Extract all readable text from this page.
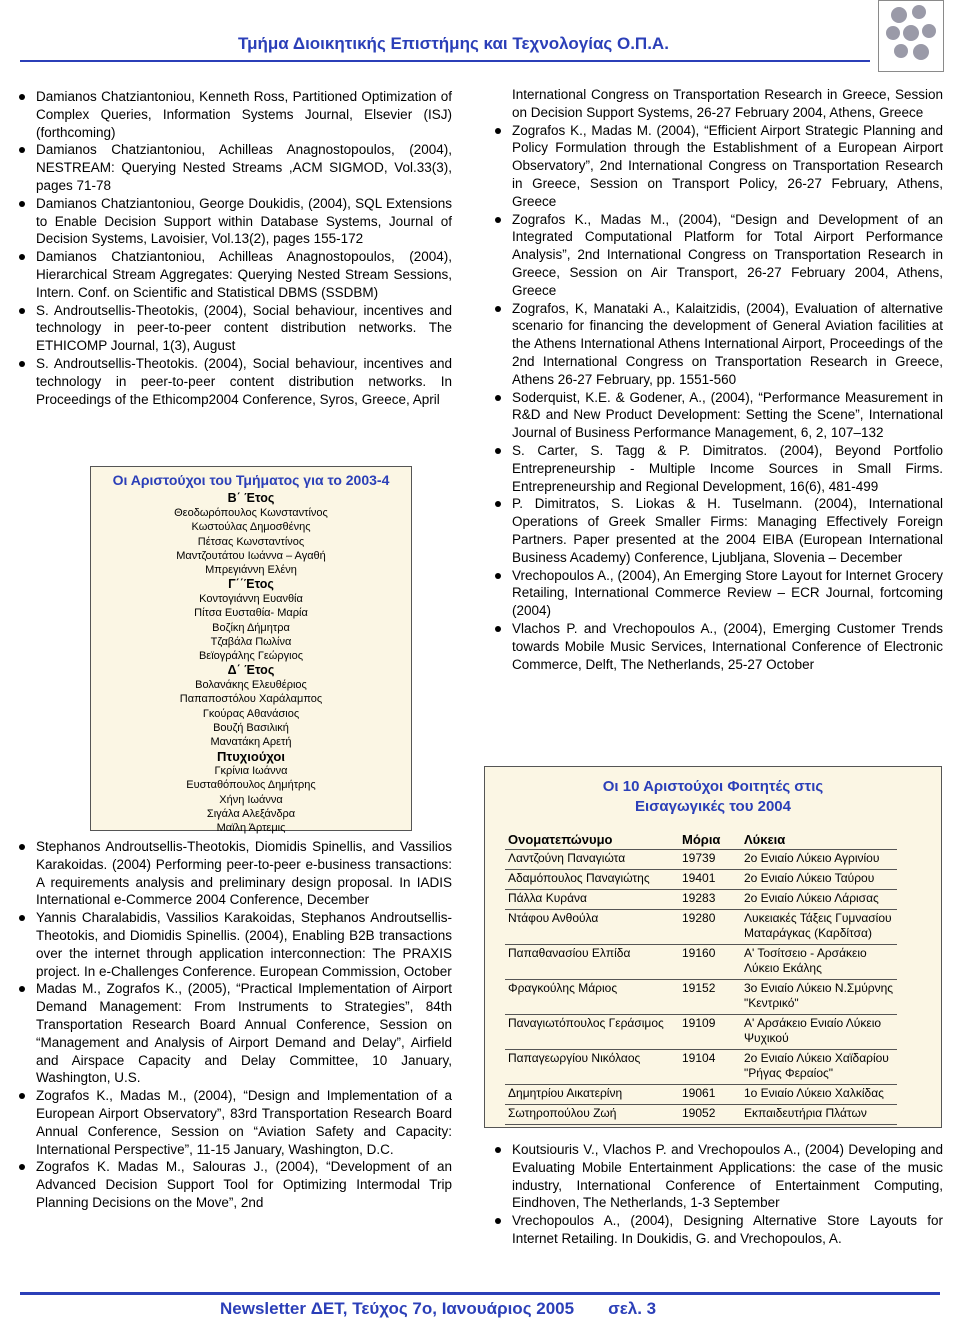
Τμήμα Διοικητικής Επιστήμης και Τεχνολογίας Ο.Π.Α.
Damianos Chatziantoniou, Kenneth Ross, Partitioned Optimization of Complex Queries, Information Systems Journal, Elsevier (ISJ) (forthcoming)
Damianos Chatziantoniou, Achilleas Anagnostopoulos, (2004), NESTREAM: Querying Nested Streams ,ACM SIGMOD, Vol.33(3), pages 71-78
Damianos Chatziantoniou, George Doukidis, (2004), SQL Extensions to Enable Decision Support within Database Systems, Journal of Decision Systems, Lavoisier, Vol.13(2), pages 155-172
Damianos Chatziantoniou, Achilleas Anagnostopoulos, (2004), Hierarchical Stream Aggregates: Querying Nested Stream Sessions, Intern. Conf. on Scientific and Statistical DBMS (SSDBM)
S. Androutsellis-Theotokis, (2004), Social behaviour, incentives and technology in peer-to-peer content distribution networks. The ETHICOMP Journal, 1(3), August
S. Androutsellis-Theotokis. (2004), Social behaviour, incentives and technology in peer-to-peer content distribution networks. In Proceedings of the Ethicomp2004 Conference, Syros, Greece, April
Οι Αριστούχοι του Τμήματος για το 2003-4
Β΄ Έτος
Θεοδωρόπουλος Κωνσταντίνος
Κωστούλας Δημοσθένης
Πέτσας Κωνσταντίνος
Μαντζουτάτου Ιωάννα – Αγαθή
Μπρεγιάννη Ελένη
Γ΄΄Έτος
Κοντογιάννη Ευανθία
Πίτσα Ευσταθία- Μαρία
Βοζίκη Δήμητρα
Τζαβάλα Πωλίνα
Βεϊογράλης Γεώργιος
Δ΄ Έτος
Βολανάκης Ελευθέριος
Παπαποστόλου Χαράλαμπος
Γκούρας Αθανάσιος
Βουζή Βασιλική
Μανατάκη Αρετή
Πτυχιούχοι
Γκρίνια Ιωάννα
Ευσταθόπουλος Δημήτρης
Χήνη Ιωάννα
Σιγάλα Αλεξάνδρα
Μαϊλη Άρτεμις
Stephanos Androutsellis-Theotokis, Diomidis Spinellis, and Vassilios Karakoidas. (2004) Performing peer-to-peer e-business transactions: A requirements analysis and preliminary design proposal. In IADIS International e-Commerce 2004 Conference, December
Yannis Charalabidis, Vassilios Karakoidas, Stephanos Androutsellis-Theotokis, and Diomidis Spinellis. (2004), Enabling B2B transactions over the internet through application interconnection: The PRAXIS project. In e-Challenges Conference. European Commission, October
Madas M., Zografos K., (2005), “Practical Implementation of Airport Demand Management: From Instruments to Strategies”, 84th Transportation Research Board Annual Conference, Session on “Management and Analysis of Airport Demand and Delay”, Airfield and Airspace Capacity and Delay Committee, 10 January, Washington, U.S.
Zografos K., Madas M., (2004), “Design and Implementation of a European Airport Observatory”, 83rd Transportation Research Board Annual Conference, Session on “Aviation Safety and Capacity: International Perspective”, 11-15 January, Washington, D.C.
Zografos K. Madas M., Salouras J., (2004), “Development of an Advanced Decision Support Tool for Optimizing Intermodal Trip Planning Decisions on the Move”, 2nd
International Congress on Transportation Research in Greece, Session on Decision Support Systems, 26-27 February 2004, Athens, Greece
Zografos K., Madas M. (2004), “Efficient Airport Strategic Planning and Policy Formulation through the Establishment of a European Airport Observatory”, 2nd International Congress on Transportation Research in Greece, Session on Transport Policy, 26-27 February, Athens, Greece
Zografos K., Madas M., (2004), “Design and Development of an Integrated Computational Platform for Total Airport Performance Analysis”, 2nd International Congress on Transportation Research in Greece, Session on Air Transport, 26-27 February 2004, Athens, Greece
Zografos, K, Manataki A., Kalaitzidis, (2004), Evaluation of alternative scenario for financing the development of General Aviation facilities at the Athens International Athens International Airport, Proceedings of the 2nd International Congress on Transportation Research in Greece, Athens 26-27 February, pp. 1551-560
Soderquist, K.E. & Godener, A., (2004), “Performance Measurement in R&D and New Product Development: Setting the Scene”, International Journal of Business Performance Management, 6, 2, 107–132
S. Carter, S. Tagg & P. Dimitratos. (2004), Beyond Portfolio Entrepreneurship - Multiple Income Sources in Small Firms. Entrepreneurship and Regional Development, 16(6), 481-499
P. Dimitratos, S. Liokas & H. Tuselmann. (2004), International Operations of Greek Smaller Firms: Managing Effectively Foreign Partners. Paper presented at the 2004 EIBA (European International Business Academy) Conference, Ljubljana, Slovenia – December
Vrechopoulos A., (2004), An Emerging Store Layout for Internet Grocery Retailing, International Commerce Review – ECR Journal, fortcoming (2004)
Vlachos P. and Vrechopoulos A., (2004), Emerging Customer Trends towards Mobile Music Services, International Conference of Electronic Commerce, Delft, The Netherlands, 25-27 October
Οι 10 Αριστούχοι Φοιτητές στις
Εισαγωγικές του 2004
Ονοματεπώνυμο	Μόρια	Λύκεια
Λαντζούνη Παναγιώτα	19739	2ο Ενιαίο Λύκειο Αγρινίου
Αδαμόπουλος Παναγιώτης	19401	2ο Ενιαίο Λύκειο Ταύρου
Πάλλα Κυράνα	19283	2ο Ενιαίο Λύκειο Λάρισας
Ντάφου Ανθούλα	19280	Λυκειακές Τάξεις Γυμνασίου Ματαράγκας (Καρδίτσα)
Παπαθανασίου Ελπίδα	19160	Α' Τοσίτσειο - Αρσάκειο Λύκειο Εκάλης
Φραγκούλης Μάριος	19152	3ο Ενιαίο Λύκειο Ν.Σμύρνης "Κεντρικό"
Παναγιωτόπουλος Γεράσιμος	19109	Α' Αρσάκειο Ενιαίο Λύκειο Ψυχικού
Παπαγεωργίου Νικόλαος	19104	2ο Ενιαίο Λύκειο Χαϊδαρίου "Ρήγας Φεραίος"
Δημητρίου Αικατερίνη	19061	1ο Ενιαίο Λύκειο Χαλκίδας
Σωτηροπούλου Ζωή	19052	Εκπαιδευτήρια Πλάτων
Koutsiouris V., Vlachos P. and Vrechopoulos A., (2004) Developing and Evaluating Mobile Entertainment Applications: the case of the music industry, International Conference of Entertainment Computing, Eindhoven, The Netherlands, 1-3 September
Vrechopoulos A., (2004), Designing Alternative Store Layouts for Internet Retailing. In Doukidis, G. and Vrechopoulos, A.
Newsletter ΔΕΤ, Τεύχος 7ο, Ιανουάριος 2005 σελ. 3
